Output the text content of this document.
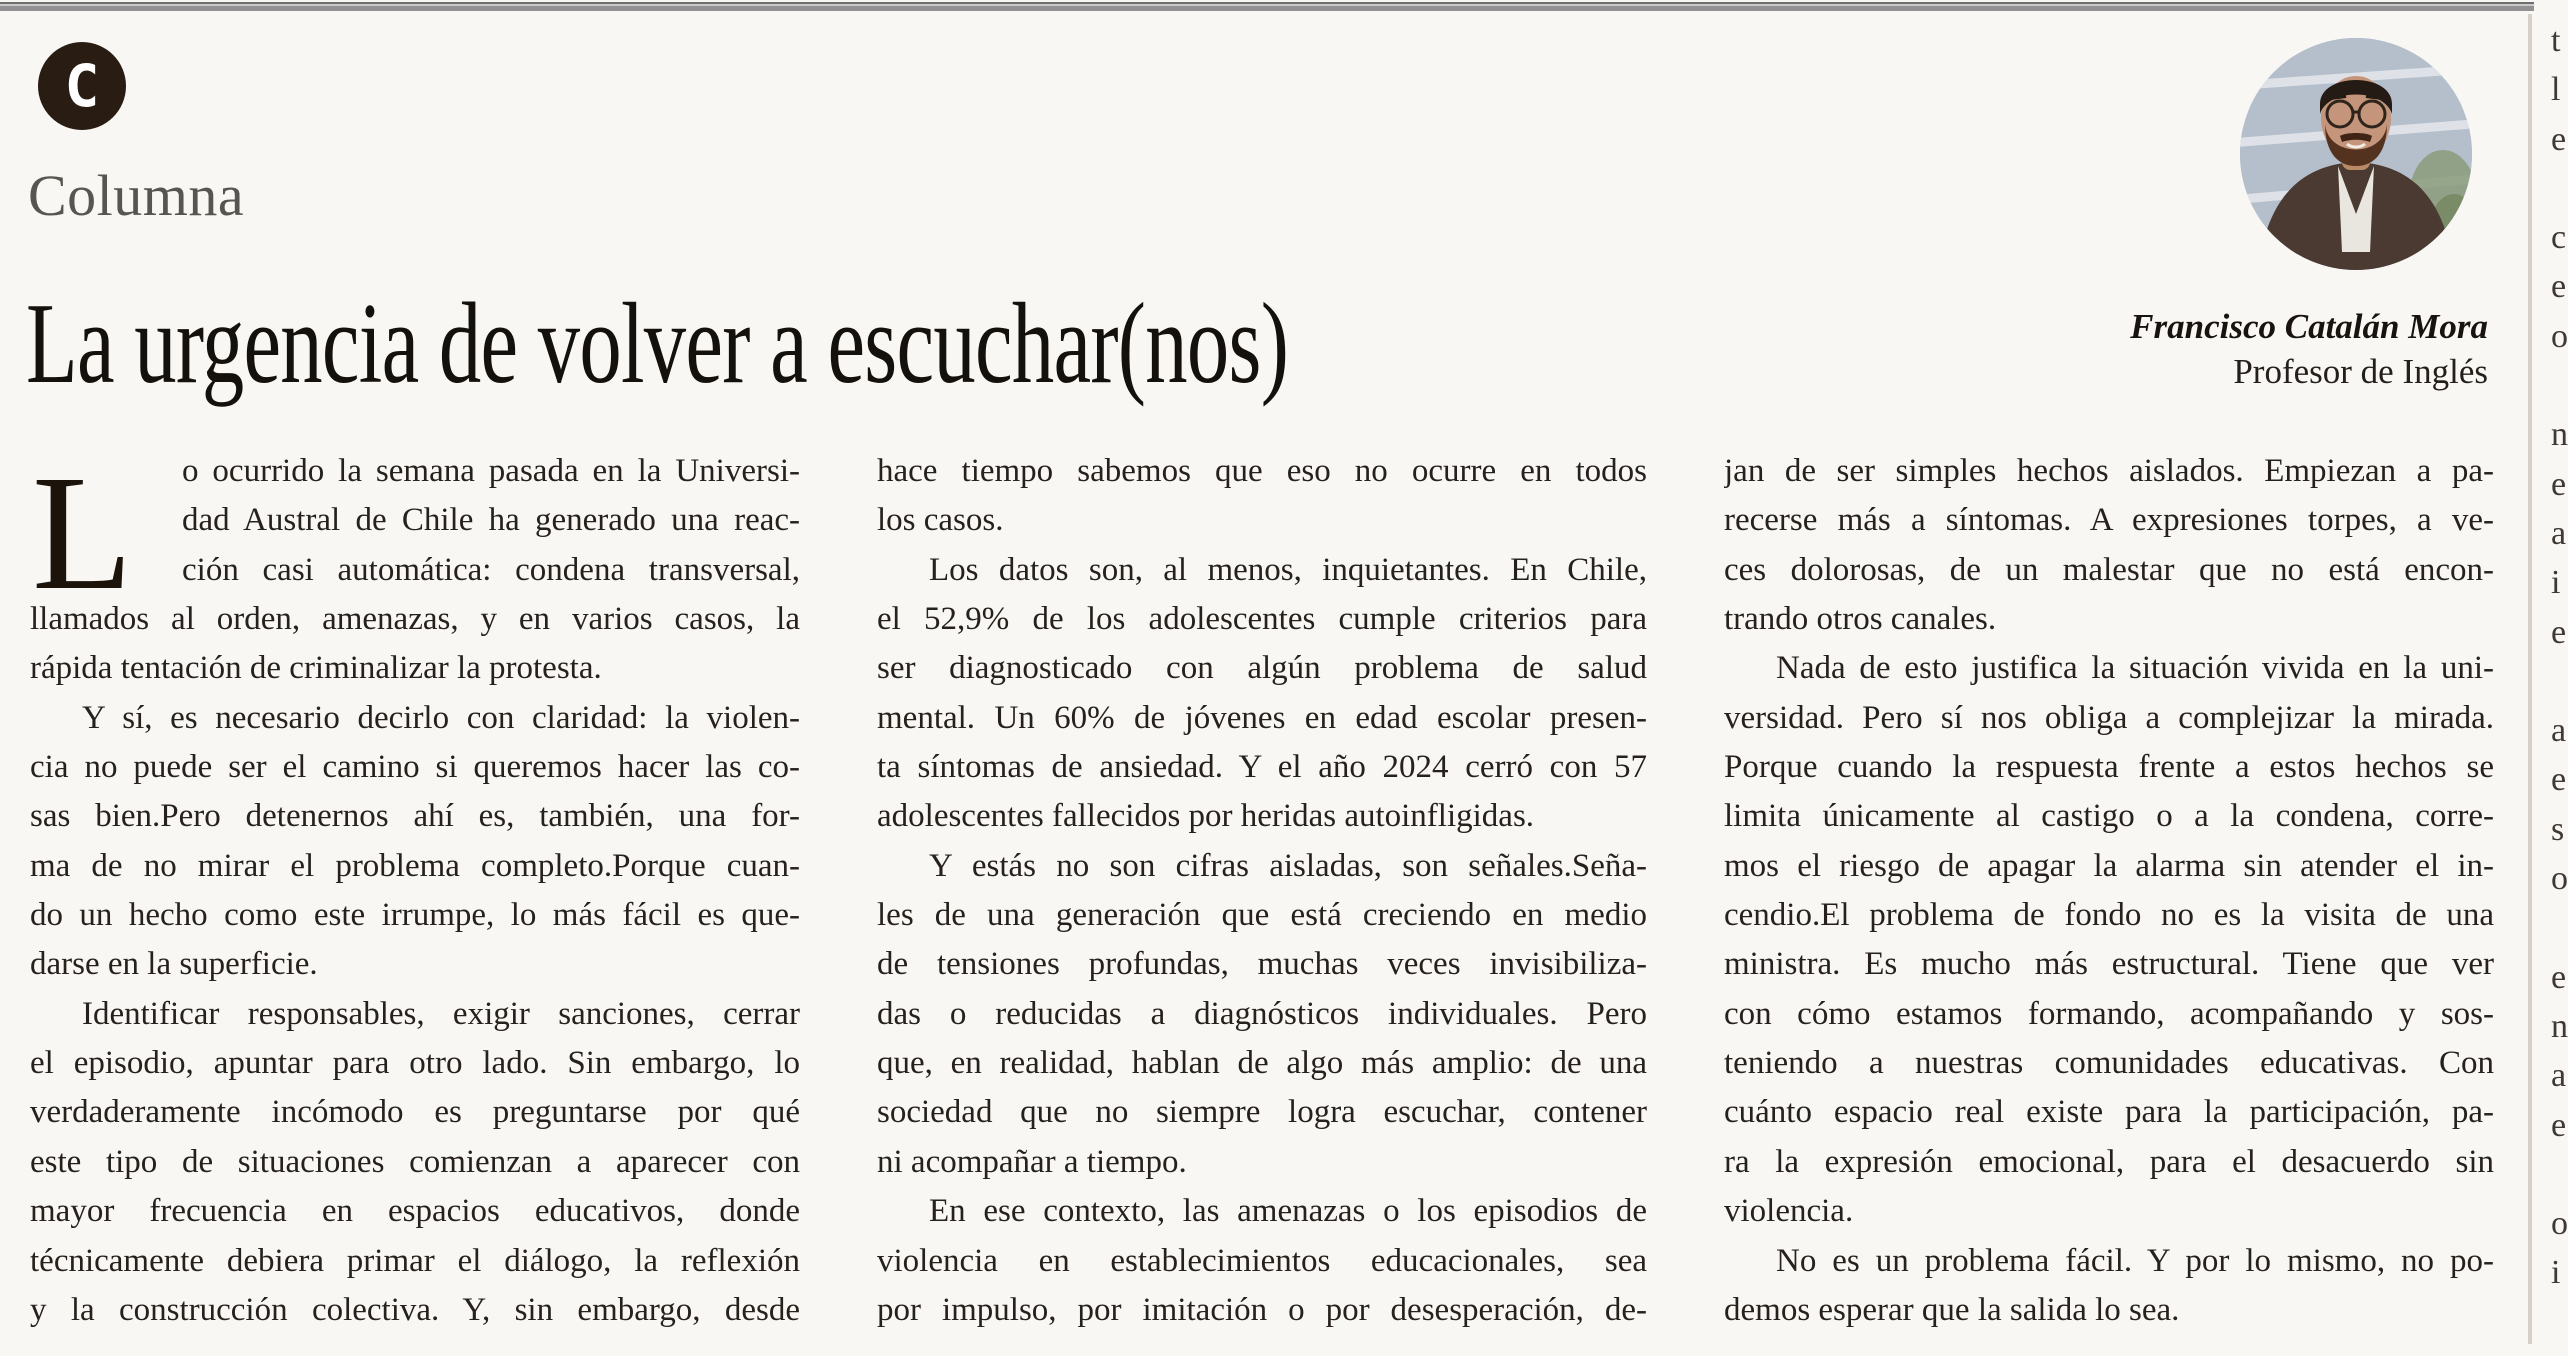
C
Columna
La urgencia de volver a escuchar(nos)	Francisco Catalán Mora
Profesor de Inglés
L	o ocurrido la semana pasada en la Universi-
dad Austral de Chile ha generado una reac-
ción casi automática: condena transversal,
llamados al orden, amenazas, y en varios casos, la
rápida tentación de criminalizar la protesta.
Y sí, es necesario decirlo con claridad: la violen-
cia no puede ser el camino si queremos hacer las co-
sas bien.Pero detenernos ahí es, también, una for-
ma de no mirar el problema completo.Porque cuan-
do un hecho como este irrumpe, lo más fácil es que-
darse en la superficie.
Identificar responsables, exigir sanciones, cerrar
el episodio, apuntar para otro lado. Sin embargo, lo
verdaderamente incómodo es preguntarse por qué
este tipo de situaciones comienzan a aparecer con
mayor frecuencia en espacios educativos, donde
técnicamente debiera primar el diálogo, la reflexión
y la construcción colectiva. Y, sin embargo, desde
hace tiempo sabemos que eso no ocurre en todos
los casos.
Los datos son, al menos, inquietantes. En Chile,
el 52,9% de los adolescentes cumple criterios para
ser diagnosticado con algún problema de salud
mental. Un 60% de jóvenes en edad escolar presen-
ta síntomas de ansiedad. Y el año 2024 cerró con 57
adolescentes fallecidos por heridas autoinfligidas.
Y estás no son cifras aisladas, son señales.Seña-
les de una generación que está creciendo en medio
de tensiones profundas, muchas veces invisibiliza-
das o reducidas a diagnósticos individuales. Pero
que, en realidad, hablan de algo más amplio: de una
sociedad que no siempre logra escuchar, contener
ni acompañar a tiempo.
En ese contexto, las amenazas o los episodios de
violencia en establecimientos educacionales, sea
por impulso, por imitación o por desesperación, de-
jan de ser simples hechos aislados. Empiezan a pa-
recerse más a síntomas. A expresiones torpes, a ve-
ces dolorosas, de un malestar que no está encon-
trando otros canales.
Nada de esto justifica la situación vivida en la uni-
versidad. Pero sí nos obliga a complejizar la mirada.
Porque cuando la respuesta frente a estos hechos se
limita únicamente al castigo o a la condena, corre-
mos el riesgo de apagar la alarma sin atender el in-
cendio.El problema de fondo no es la visita de una
ministra. Es mucho más estructural. Tiene que ver
con cómo estamos formando, acompañando y sos-
teniendo a nuestras comunidades educativas. Con
cuánto espacio real existe para la participación, pa-
ra la expresión emocional, para el desacuerdo sin
violencia.
No es un problema fácil. Y por lo mismo, no po-
demos esperar que la salida lo sea.
t
l
e
c
e
o
n
e
a
i
e
a
e
s
o
e
n
a
e
o
i
